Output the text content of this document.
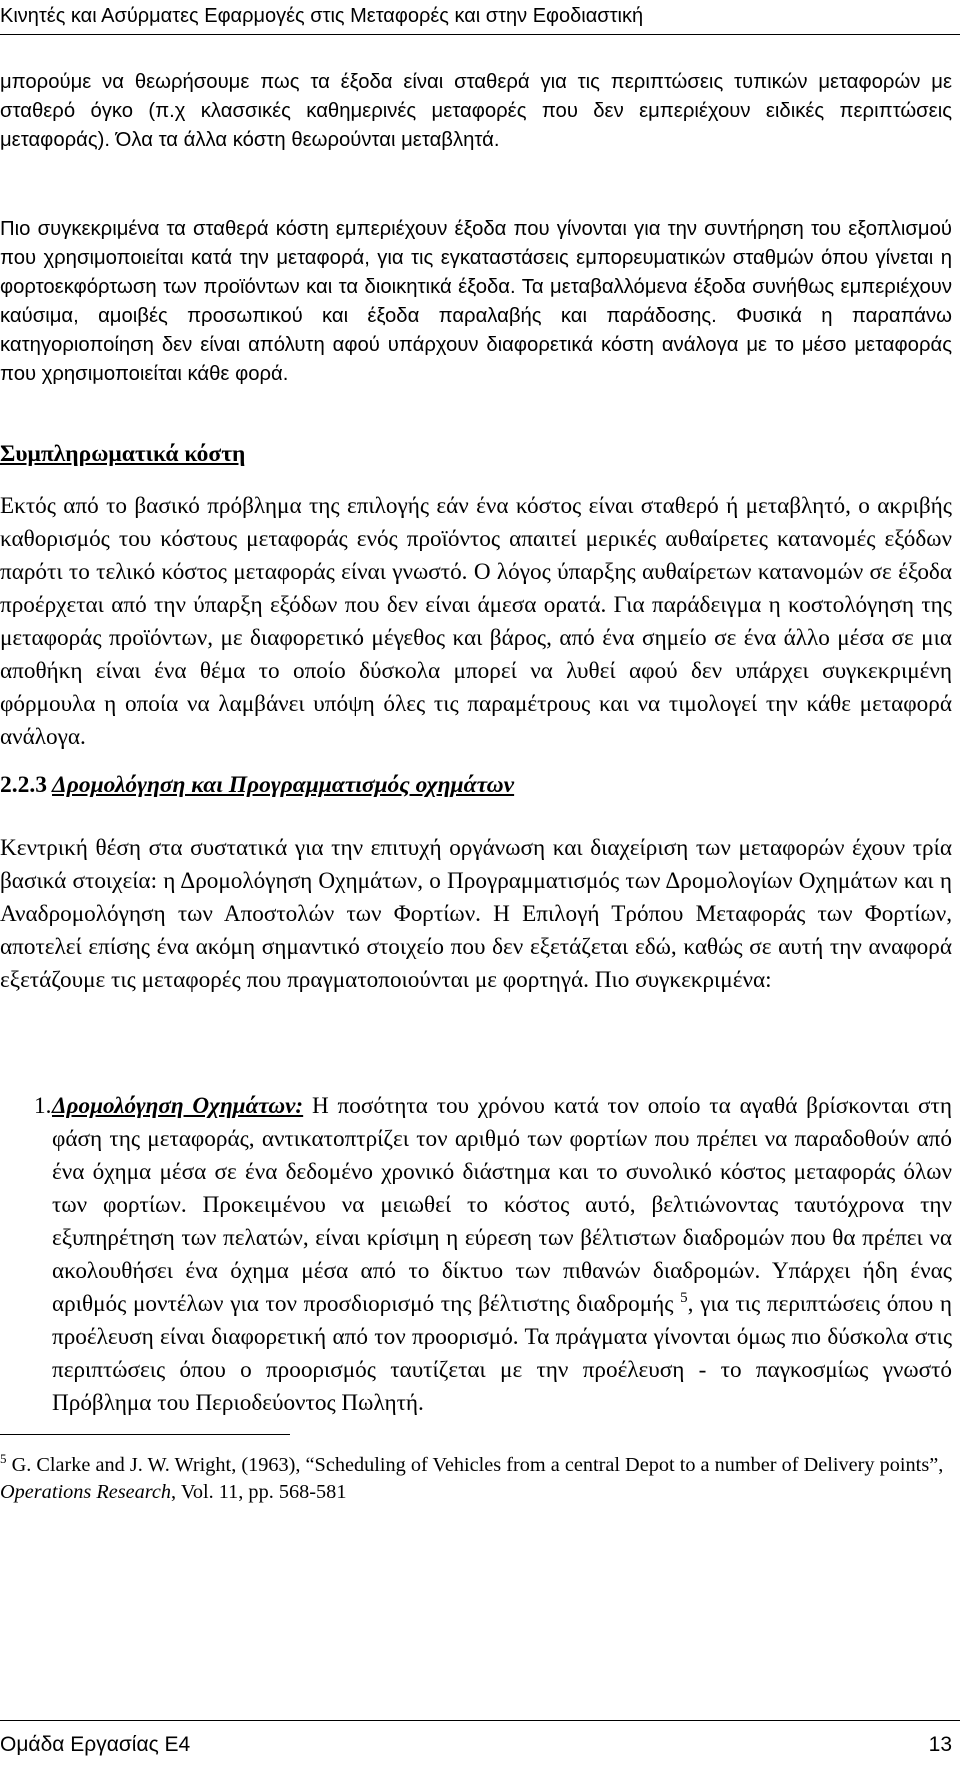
Κινητές και Ασύρματες Εφαρμογές στις Μεταφορές και στην Εφοδιαστική

μπορούμε να θεωρήσουμε πως τα έξοδα είναι σταθερά για τις περιπτώσεις τυπικών μεταφορών με σταθερό όγκο (π.χ κλασσικές καθημερινές μεταφορές που δεν εμπεριέχουν ειδικές περιπτώσεις μεταφοράς). Όλα τα άλλα κόστη θεωρούνται μεταβλητά.

Πιο συγκεκριμένα τα σταθερά κόστη εμπεριέχουν έξοδα που γίνονται για την συντήρηση του εξοπλισμού που χρησιμοποιείται κατά την μεταφορά, για τις εγκαταστάσεις εμπορευματικών σταθμών όπου γίνεται η φορτοεκφόρτωση των προϊόντων και τα διοικητικά έξοδα. Τα μεταβαλλόμενα έξοδα συνήθως εμπεριέχουν καύσιμα, αμοιβές προσωπικού και έξοδα παραλαβής και παράδοσης. Φυσικά η παραπάνω κατηγοριοποίηση δεν είναι απόλυτη αφού υπάρχουν διαφορετικά κόστη ανάλογα με το μέσο μεταφοράς που χρησιμοποιείται κάθε φορά.

Συμπληρωματικά κόστη

Εκτός από το βασικό πρόβλημα της επιλογής εάν ένα κόστος είναι σταθερό ή μεταβλητό, ο ακριβής καθορισμός του κόστους μεταφοράς ενός προϊόντος απαιτεί μερικές αυθαίρετες κατανομές εξόδων παρότι το τελικό κόστος μεταφοράς είναι γνωστό. Ο λόγος ύπαρξης αυθαίρετων κατανομών σε έξοδα προέρχεται από την ύπαρξη εξόδων που δεν είναι άμεσα ορατά. Για παράδειγμα η κοστολόγηση της μεταφοράς προϊόντων, με διαφορετικό μέγεθος και βάρος, από ένα σημείο σε ένα άλλο μέσα σε μια αποθήκη είναι ένα θέμα το οποίο δύσκολα μπορεί να λυθεί αφού δεν υπάρχει συγκεκριμένη φόρμουλα η οποία να λαμβάνει υπόψη όλες τις παραμέτρους και να τιμολογεί την κάθε μεταφορά ανάλογα.

2.2.3 Δρομολόγηση και Προγραμματισμός οχημάτων

Κεντρική θέση στα συστατικά για την επιτυχή οργάνωση και διαχείριση των μεταφορών έχουν τρία βασικά στοιχεία: η Δρομολόγηση Οχημάτων, ο Προγραμματισμός των Δρομολογίων Οχημάτων και η Αναδρομολόγηση των Αποστολών των Φορτίων. Η Επιλογή Τρόπου Μεταφοράς των Φορτίων, αποτελεί επίσης ένα ακόμη σημαντικό στοιχείο που δεν εξετάζεται εδώ, καθώς σε αυτή την αναφορά εξετάζουμε τις μεταφορές που πραγματοποιούνται με φορτηγά. Πιο συγκεκριμένα:

1. Δρομολόγηση Οχημάτων: Η ποσότητα του χρόνου κατά τον οποίο τα αγαθά βρίσκονται στη φάση της μεταφοράς, αντικατοπτρίζει τον αριθμό των φορτίων που πρέπει να παραδοθούν από ένα όχημα μέσα σε ένα δεδομένο χρονικό διάστημα και το συνολικό κόστος μεταφοράς όλων των φορτίων. Προκειμένου να μειωθεί το κόστος αυτό, βελτιώνοντας ταυτόχρονα την εξυπηρέτηση των πελατών, είναι κρίσιμη η εύρεση των βέλτιστων διαδρομών που θα πρέπει να ακολουθήσει ένα όχημα μέσα από το δίκτυο των πιθανών διαδρομών. Υπάρχει ήδη ένας αριθμός μοντέλων για τον προσδιορισμό της βέλτιστης διαδρομής $^5$, για τις περιπτώσεις όπου η προέλευση είναι διαφορετική από τον προορισμό. Τα πράγματα γίνονται όμως πιο δύσκολα στις περιπτώσεις όπου ο προορισμός ταυτίζεται με την προέλευση - το παγκοσμίως γνωστό Πρόβλημα του Περιοδεύοντος Πωλητή.

$^5$ G. Clarke and J. W. Wright, (1963), “Scheduling of Vehicles from a central Depot to a number of Delivery points”, Operations Research, Vol. 11, pp. 568-581

Ομάδα Εργασίας Ε4	13
